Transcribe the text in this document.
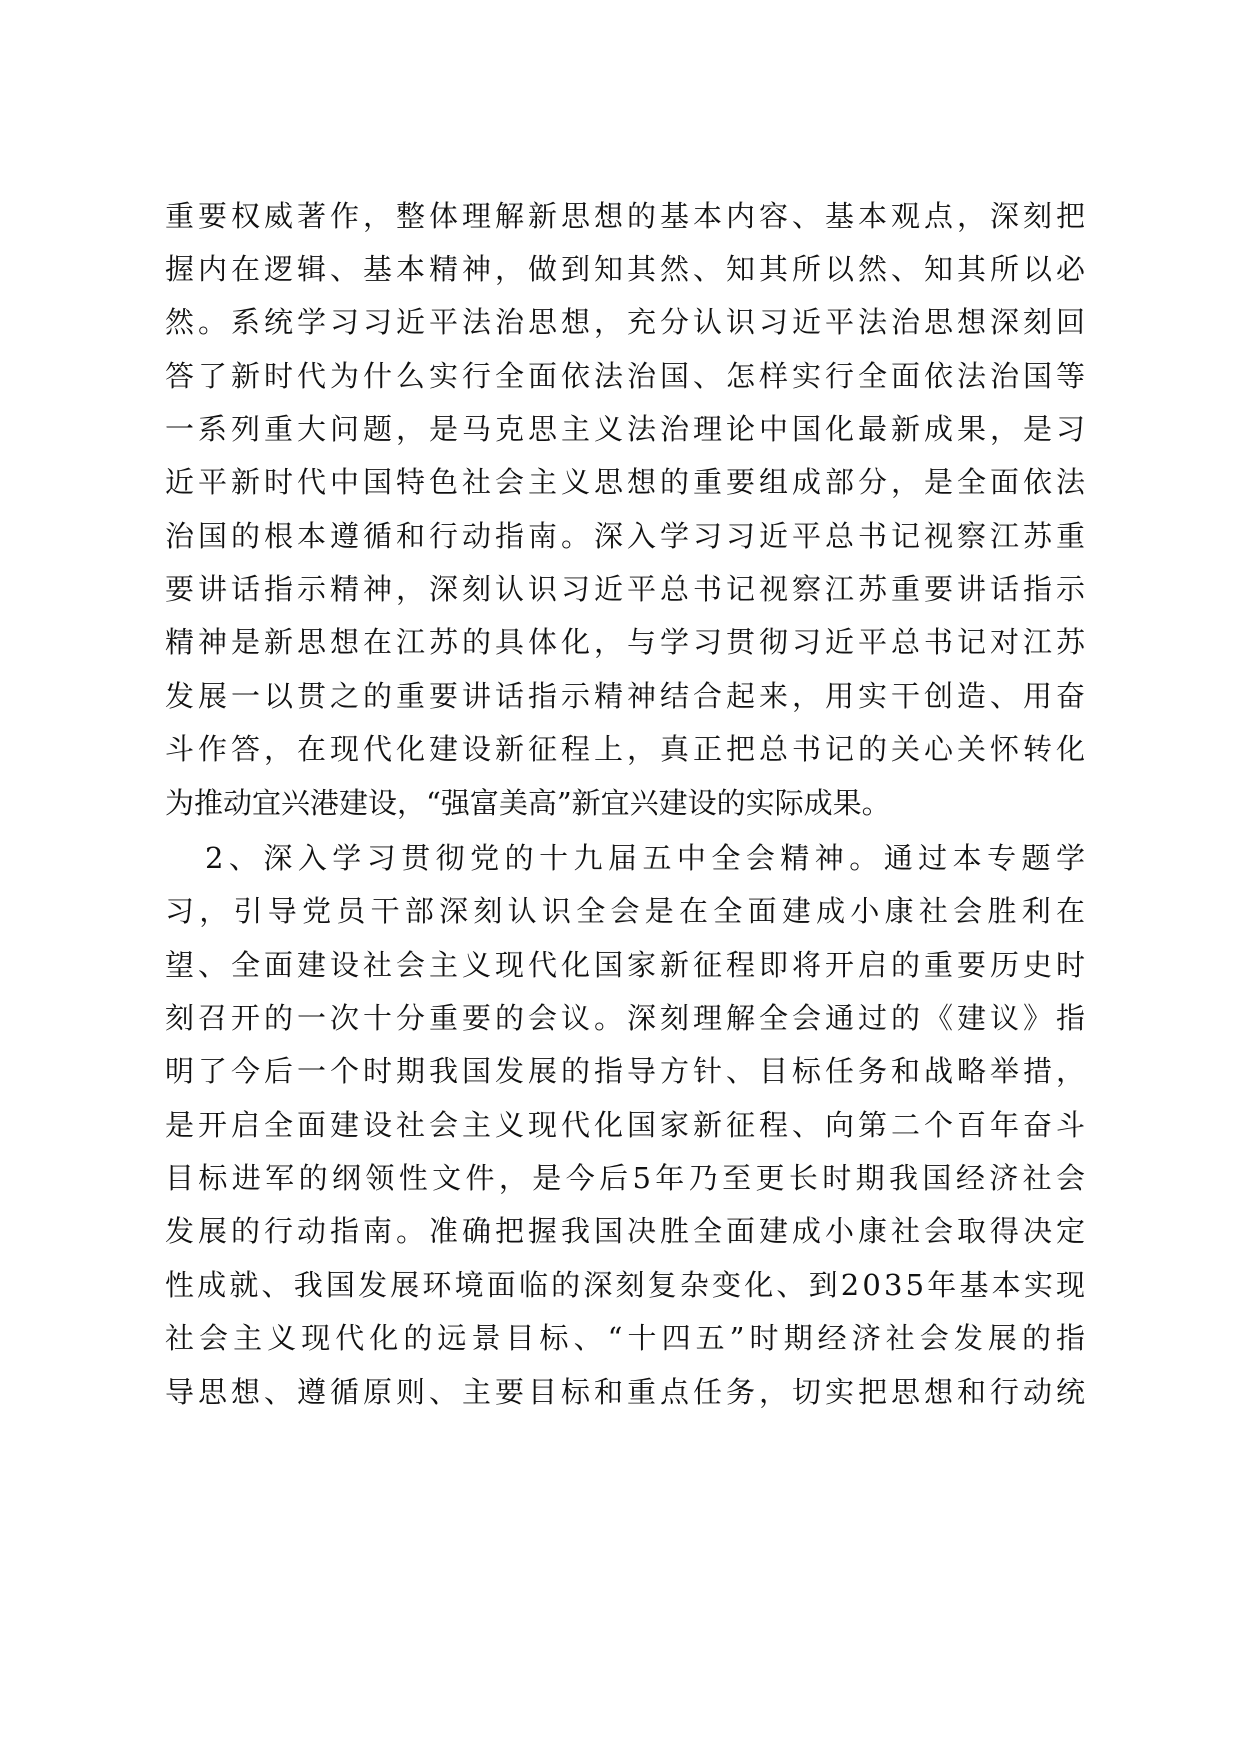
重要权威著作，整体理解新思想的基本内容、基本观点，深刻把
握内在逻辑、基本精神，做到知其然、知其所以然、知其所以必
然。系统学习习近平法治思想，充分认识习近平法治思想深刻回
答了新时代为什么实行全面依法治国、怎样实行全面依法治国等
一系列重大问题，是马克思主义法治理论中国化最新成果，是习
近平新时代中国特色社会主义思想的重要组成部分，是全面依法
治国的根本遵循和行动指南。深入学习习近平总书记视察江苏重
要讲话指示精神，深刻认识习近平总书记视察江苏重要讲话指示
精神是新思想在江苏的具体化，与学习贯彻习近平总书记对江苏
发展一以贯之的重要讲话指示精神结合起来，用实干创造、用奋
斗作答，在现代化建设新征程上，真正把总书记的关心关怀转化
为推动宜兴港建设，“强富美高”新宜兴建设的实际成果。
2、深入学习贯彻党的十九届五中全会精神。通过本专题学
习，引导党员干部深刻认识全会是在全面建成小康社会胜利在
望、全面建设社会主义现代化国家新征程即将开启的重要历史时
刻召开的一次十分重要的会议。深刻理解全会通过的《建议》指
明了今后一个时期我国发展的指导方针、目标任务和战略举措，
是开启全面建设社会主义现代化国家新征程、向第二个百年奋斗
目标进军的纲领性文件，是今后5年乃至更长时期我国经济社会
发展的行动指南。准确把握我国决胜全面建成小康社会取得决定
性成就、我国发展环境面临的深刻复杂变化、到2035年基本实现
社会主义现代化的远景目标、“十四五”时期经济社会发展的指
导思想、遵循原则、主要目标和重点任务，切实把思想和行动统
